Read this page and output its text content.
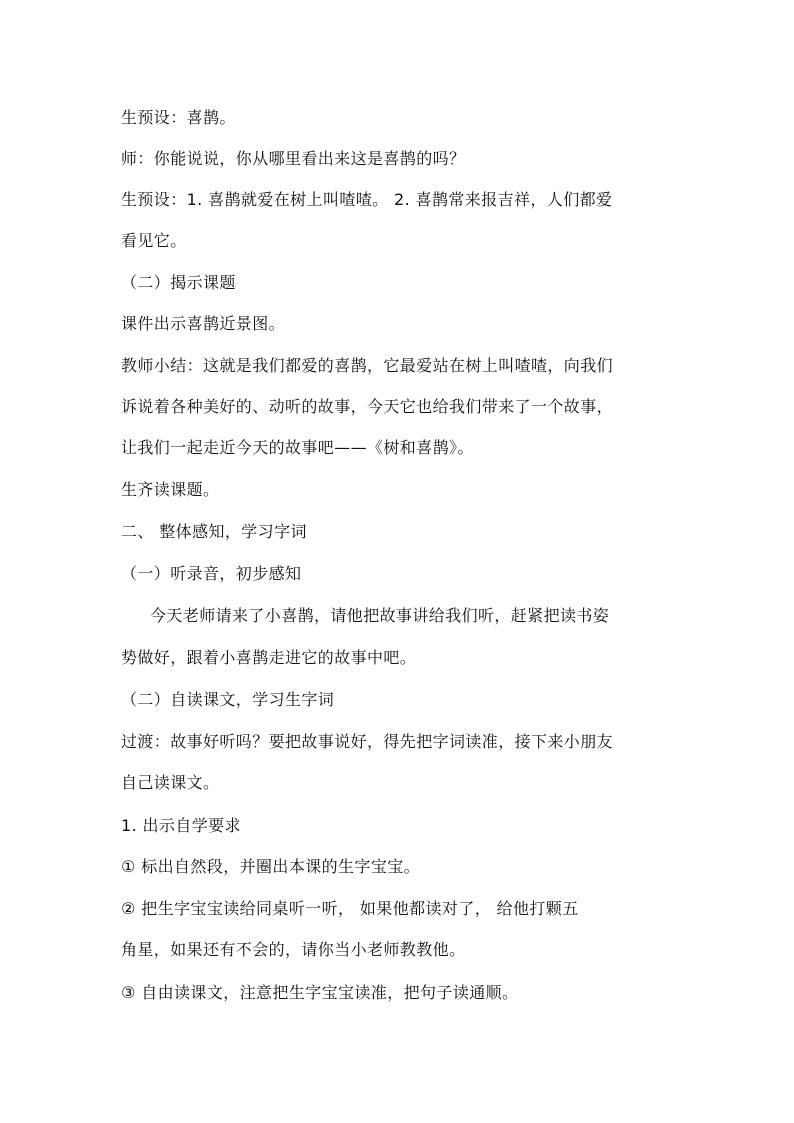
生预设：喜鹊。
师：你能说说，你从哪里看出来这是喜鹊的吗？
生预设：1. 喜鹊就爱在树上叫喳喳。 2. 喜鹊常来报吉祥，人们都爱
看见它。
（二）揭示课题
课件出示喜鹊近景图。
教师小结：这就是我们都爱的喜鹊，它最爱站在树上叫喳喳，向我们
诉说着各种美好的、动听的故事，今天它也给我们带来了一个故事，
让我们一起走近今天的故事吧——《树和喜鹊》。
生齐读课题。
二、 整体感知，学习字词
（一）听录音，初步感知
今天老师请来了小喜鹊，请他把故事讲给我们听，赶紧把读书姿
势做好，跟着小喜鹊走进它的故事中吧。
（二）自读课文，学习生字词
过渡：故事好听吗？要把故事说好，得先把字词读准，接下来小朋友
自己读课文。
1. 出示自学要求
① 标出自然段，并圈出本课的生字宝宝。
② 把生字宝宝读给同桌听一听， 如果他都读对了， 给他打颗五
角星，如果还有不会的，请你当小老师教教他。
③ 自由读课文，注意把生字宝宝读准，把句子读通顺。
